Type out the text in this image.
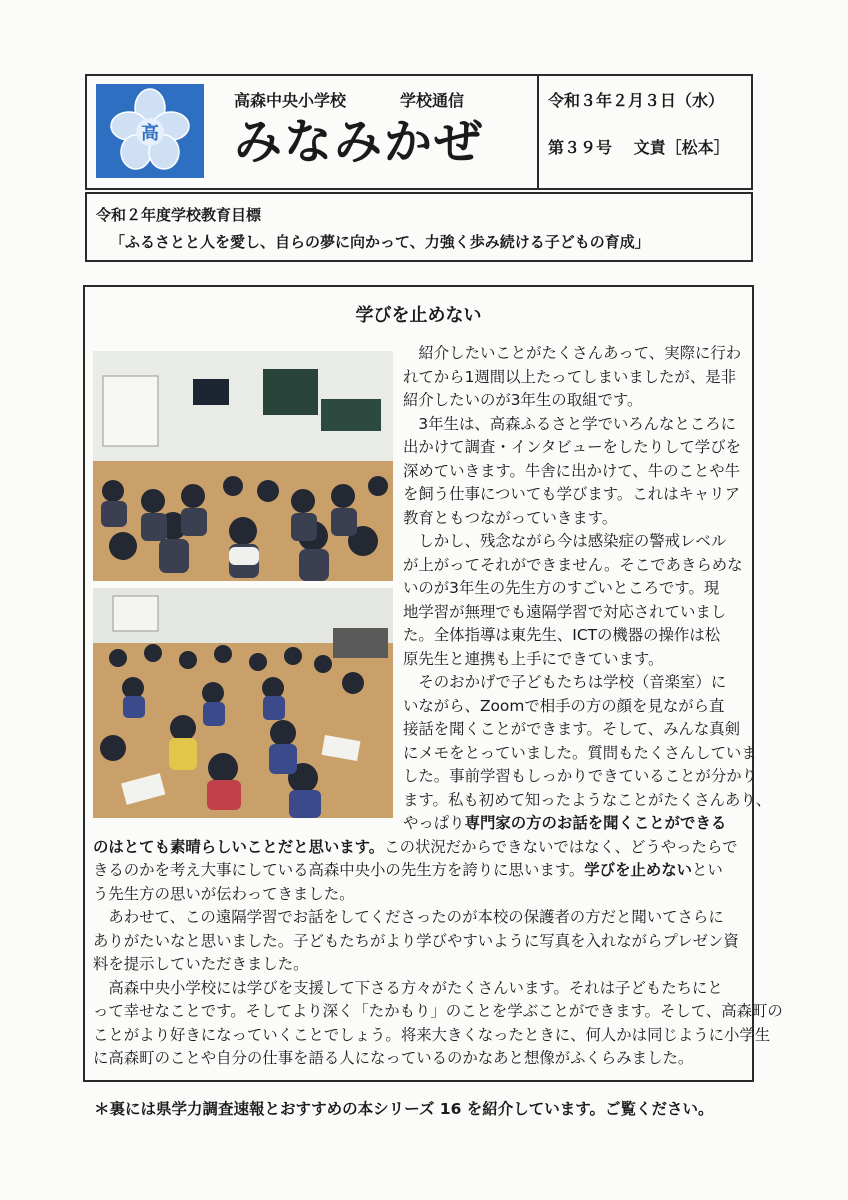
高
高森中央小学校	学校通信
みなみかぜ
令和３年２月３日（水）
第３９号　 文責［松本］
令和２年度学校教育目標
「ふるさとと人を愛し、自らの夢に向かって、力強く歩み続ける子どもの育成」
学びを止めない
　紹介したいことがたくさんあって、実際に行わ
れてから1週間以上たってしまいましたが、是非
紹介したいのが3年生の取組です。
　3年生は、高森ふるさと学でいろんなところに
出かけて調査・インタビューをしたりして学びを
深めていきます。牛舎に出かけて、牛のことや牛
を飼う仕事についても学びます。これはキャリア
教育ともつながっていきます。
　しかし、残念ながら今は感染症の警戒レベル
が上がってそれができません。そこであきらめな
いのが3年生の先生方のすごいところです。現
地学習が無理でも遠隔学習で対応されていまし
た。全体指導は東先生、ICTの機器の操作は松
原先生と連携も上手にできています。
　そのおかげで子どもたちは学校（音楽室）に
いながら、Zoomで相手の方の顔を見ながら直
接話を聞くことができます。そして、みんな真剣
にメモをとっていました。質問もたくさんしていま
した。事前学習もしっかりできていることが分かり
ます。私も初めて知ったようなことがたくさんあり、
やっぱり専門家の方のお話を聞くことができる
のはとても素晴らしいことだと思います。この状況だからできないではなく、どうやったらで
きるのかを考え大事にしている高森中央小の先生方を誇りに思います。学びを止めないとい
う先生方の思いが伝わってきました。
　あわせて、この遠隔学習でお話をしてくださったのが本校の保護者の方だと聞いてさらに
ありがたいなと思いました。子どもたちがより学びやすいように写真を入れながらプレゼン資
料を提示していただきました。
　高森中央小学校には学びを支援して下さる方々がたくさんいます。それは子どもたちにと
って幸せなことです。そしてより深く「たかもり」のことを学ぶことができます。そして、高森町の
ことがより好きになっていくことでしょう。将来大きくなったときに、何人かは同じように小学生
に高森町のことや自分の仕事を語る人になっているのかなあと想像がふくらみました。
＊裏には県学力調査速報とおすすめの本シリーズ 16 を紹介しています。ご覧ください。
